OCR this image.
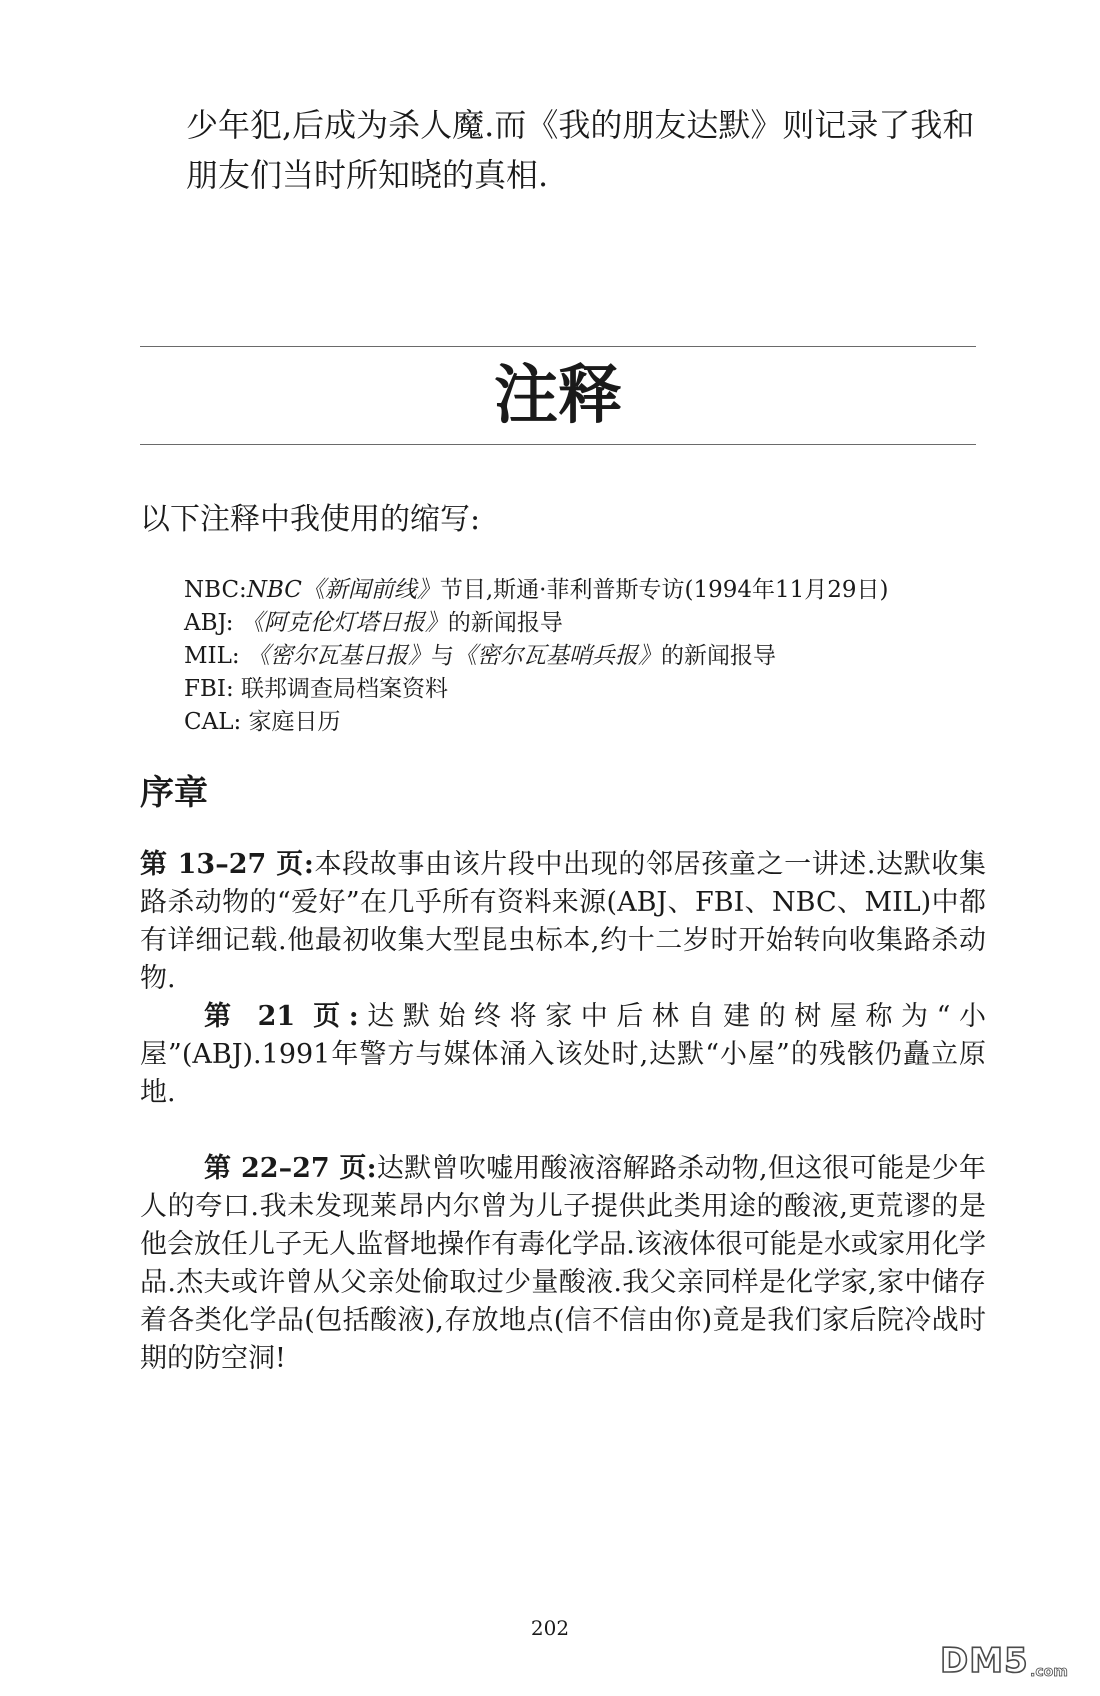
少年犯,后成为杀人魔.而《我的朋友达默》则记录了我和朋友们当时所知晓的真相.

注释

以下注释中我使用的缩写:

NBC:NBC《新闻前线》节目,斯通·菲利普斯专访(1994年11月29日)
ABJ: 《阿克伦灯塔日报》的新闻报导
MIL: 《密尔瓦基日报》与《密尔瓦基哨兵报》的新闻报导
FBI: 联邦调查局档案资料
CAL: 家庭日历
序章

第 13–27 页:本段故事由该片段中出现的邻居孩童之一讲述.达默收集路杀动物的“爱好”在几乎所有资料来源(ABJ、FBI、NBC、MIL)中都有详细记载.他最初收集大型昆虫标本,约十二岁时开始转向收集路杀动物.

第 21 页:达默始终将家中后林自建的树屋称为“小屋”(ABJ).1991年警方与媒体涌入该处时,达默“小屋”的残骸仍矗立原地.

第 22–27 页:达默曾吹嘘用酸液溶解路杀动物,但这很可能是少年人的夸口.我未发现莱昂内尔曾为儿子提供此类用途的酸液,更荒谬的是他会放任儿子无人监督地操作有毒化学品.该液体很可能是水或家用化学品.杰夫或许曾从父亲处偷取过少量酸液.我父亲同样是化学家,家中储存着各类化学品(包括酸液),存放地点(信不信由你)竟是我们家后院冷战时期的防空洞!

202

DM5 .com
